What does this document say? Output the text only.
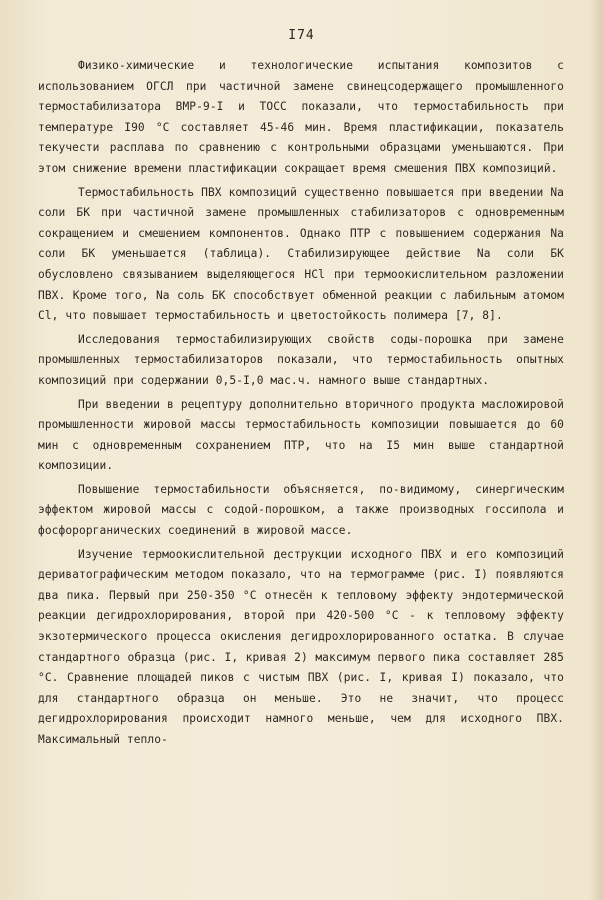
I74

Физико-химические и технологические испытания композитов с использованием ОГСЛ при частичной замене свинецсодержащего промышленного термостабилизатора ВМР-9-I и ТОСС показали, что термостабильность при температуре I90 °С составляет 45-46 мин. Время пластификации, показатель текучести расплава по сравнению с контрольными образцами уменьшаются. При этом снижение времени пластификации сокращает время смешения ПВХ композиций.

Термостабильность ПВХ композиций существенно повышается при введении Na соли БК при частичной замене промышленных стабилизаторов с одновременным сокращением и смешением компонентов. Однако ПТР с повышением содержания Na соли БК уменьшается (таблица). Стабилизирующее действие Na соли БК обусловлено связыванием выделяющегося HCl при термоокислительном разложении ПВХ. Кроме того, Na соль БК способствует обменной реакции с лабильным атомом Cl, что повышает термостабильность и цветостойкость полимера [7, 8].

Исследования термостабилизирующих свойств соды-порошка при замене промышленных термостабилизаторов показали, что термостабильность опытных композиций при содержании 0,5-I,0 мас.ч. намного выше стандартных.

При введении в рецептуру дополнительно вторичного продукта масложировой промышленности жировой массы термостабильность композиции повышается до 60 мин с одновременным сохранением ПТР, что на I5 мин выше стандартной композиции.

Повышение термостабильности объясняется, по-видимому, синергическим эффектом жировой массы с содой-порошком, а также производных госсипола и фосфорорганических соединений в жировой массе.

Изучение термоокислительной деструкции исходного ПВХ и его композиций дериватографическим методом показало, что на термограмме (рис. I) появляются два пика. Первый при 250-350 °С отнесён к тепловому эффекту эндотермической реакции дегидрохлорирования, второй при 420-500 °С - к тепловому эффекту экзотермического процесса окисления дегидрохлорированного остатка. В случае стандартного образца (рис. I, кривая 2) максимум первого пика составляет 285 °С. Сравнение площадей пиков с чистым ПВХ (рис. I, кривая I) показало, что для стандартного образца он меньше. Это не значит, что процесс дегидрохлорирования происходит намного меньше, чем для исходного ПВХ. Максимальный тепло-
